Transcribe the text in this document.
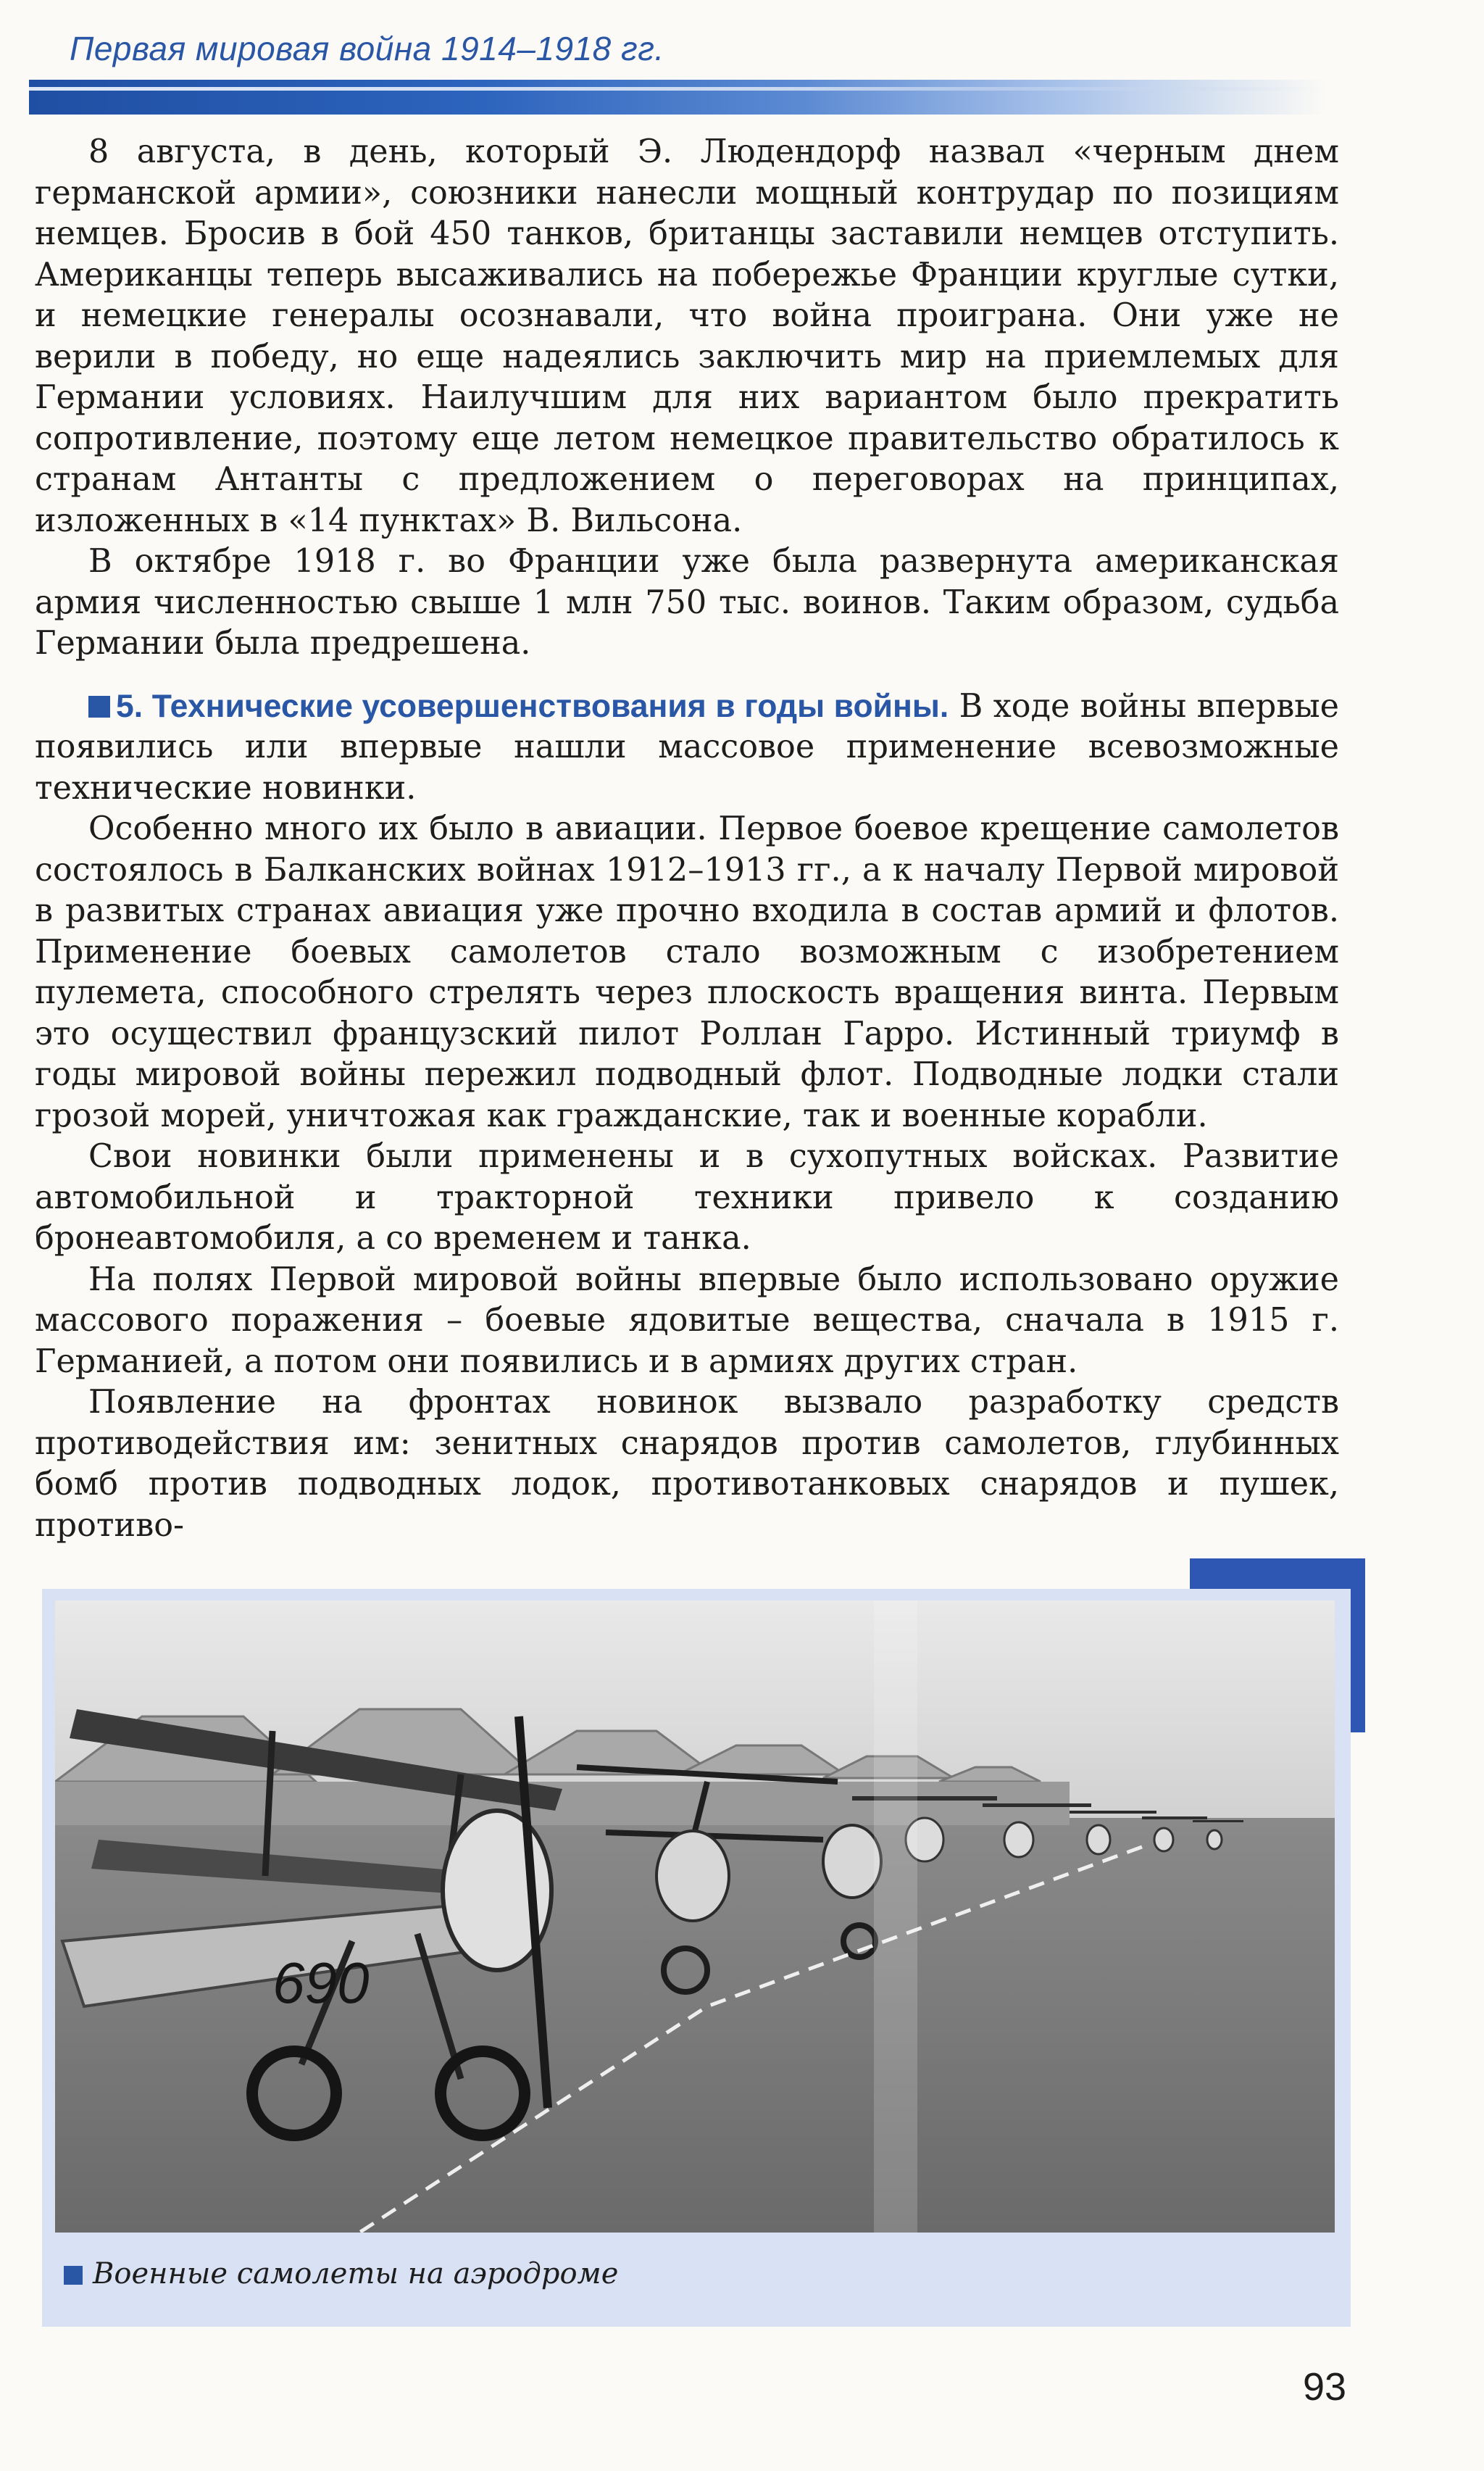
Первая мировая война 1914–1918 гг.

8 августа, в день, который Э. Людендорф назвал «черным днем германской армии», союзники нанесли мощный контрудар по позициям немцев. Бросив в бой 450 танков, британцы заставили немцев отступить. Американцы теперь высаживались на побережье Франции круглые сутки, и немецкие генералы осознавали, что война проиграна. Они уже не верили в победу, но еще надеялись заключить мир на приемлемых для Германии условиях. Наилучшим для них вариантом было прекратить сопротивление, поэтому еще летом немецкое правительство обратилось к странам Антанты с предложением о переговорах на принципах, изложенных в «14 пунктах» В. Вильсона.

В октябре 1918 г. во Франции уже была развернута американская армия численностью свыше 1 млн 750 тыс. воинов. Таким образом, судьба Германии была предрешена.

5. Технические усовершенствования в годы войны. В ходе войны впервые появились или впервые нашли массовое применение всевозможные технические новинки.

Особенно много их было в авиации. Первое боевое крещение самолетов состоялось в Балканских войнах 1912–1913 гг., а к началу Первой мировой в развитых странах авиация уже прочно входила в состав армий и флотов. Применение боевых самолетов стало возможным с изобретением пулемета, способного стрелять через плоскость вращения винта. Первым это осуществил французский пилот Роллан Гарро. Истинный триумф в годы мировой войны пережил подводный флот. Подводные лодки стали грозой морей, уничтожая как гражданские, так и военные корабли.

Свои новинки были применены и в сухопутных войсках. Развитие автомобильной и тракторной техники привело к созданию бронеавтомобиля, а со временем и танка.

На полях Первой мировой войны впервые было использовано оружие массового поражения – боевые ядовитые вещества, сначала в 1915 г. Германией, а потом они появились и в армиях других стран.

Появление на фронтах новинок вызвало разработку средств противодействия им: зенитных снарядов против самолетов, глубинных бомб против подводных лодок, противотанковых снарядов и пушек, противо-

690
Военные самолеты на аэродроме
93
